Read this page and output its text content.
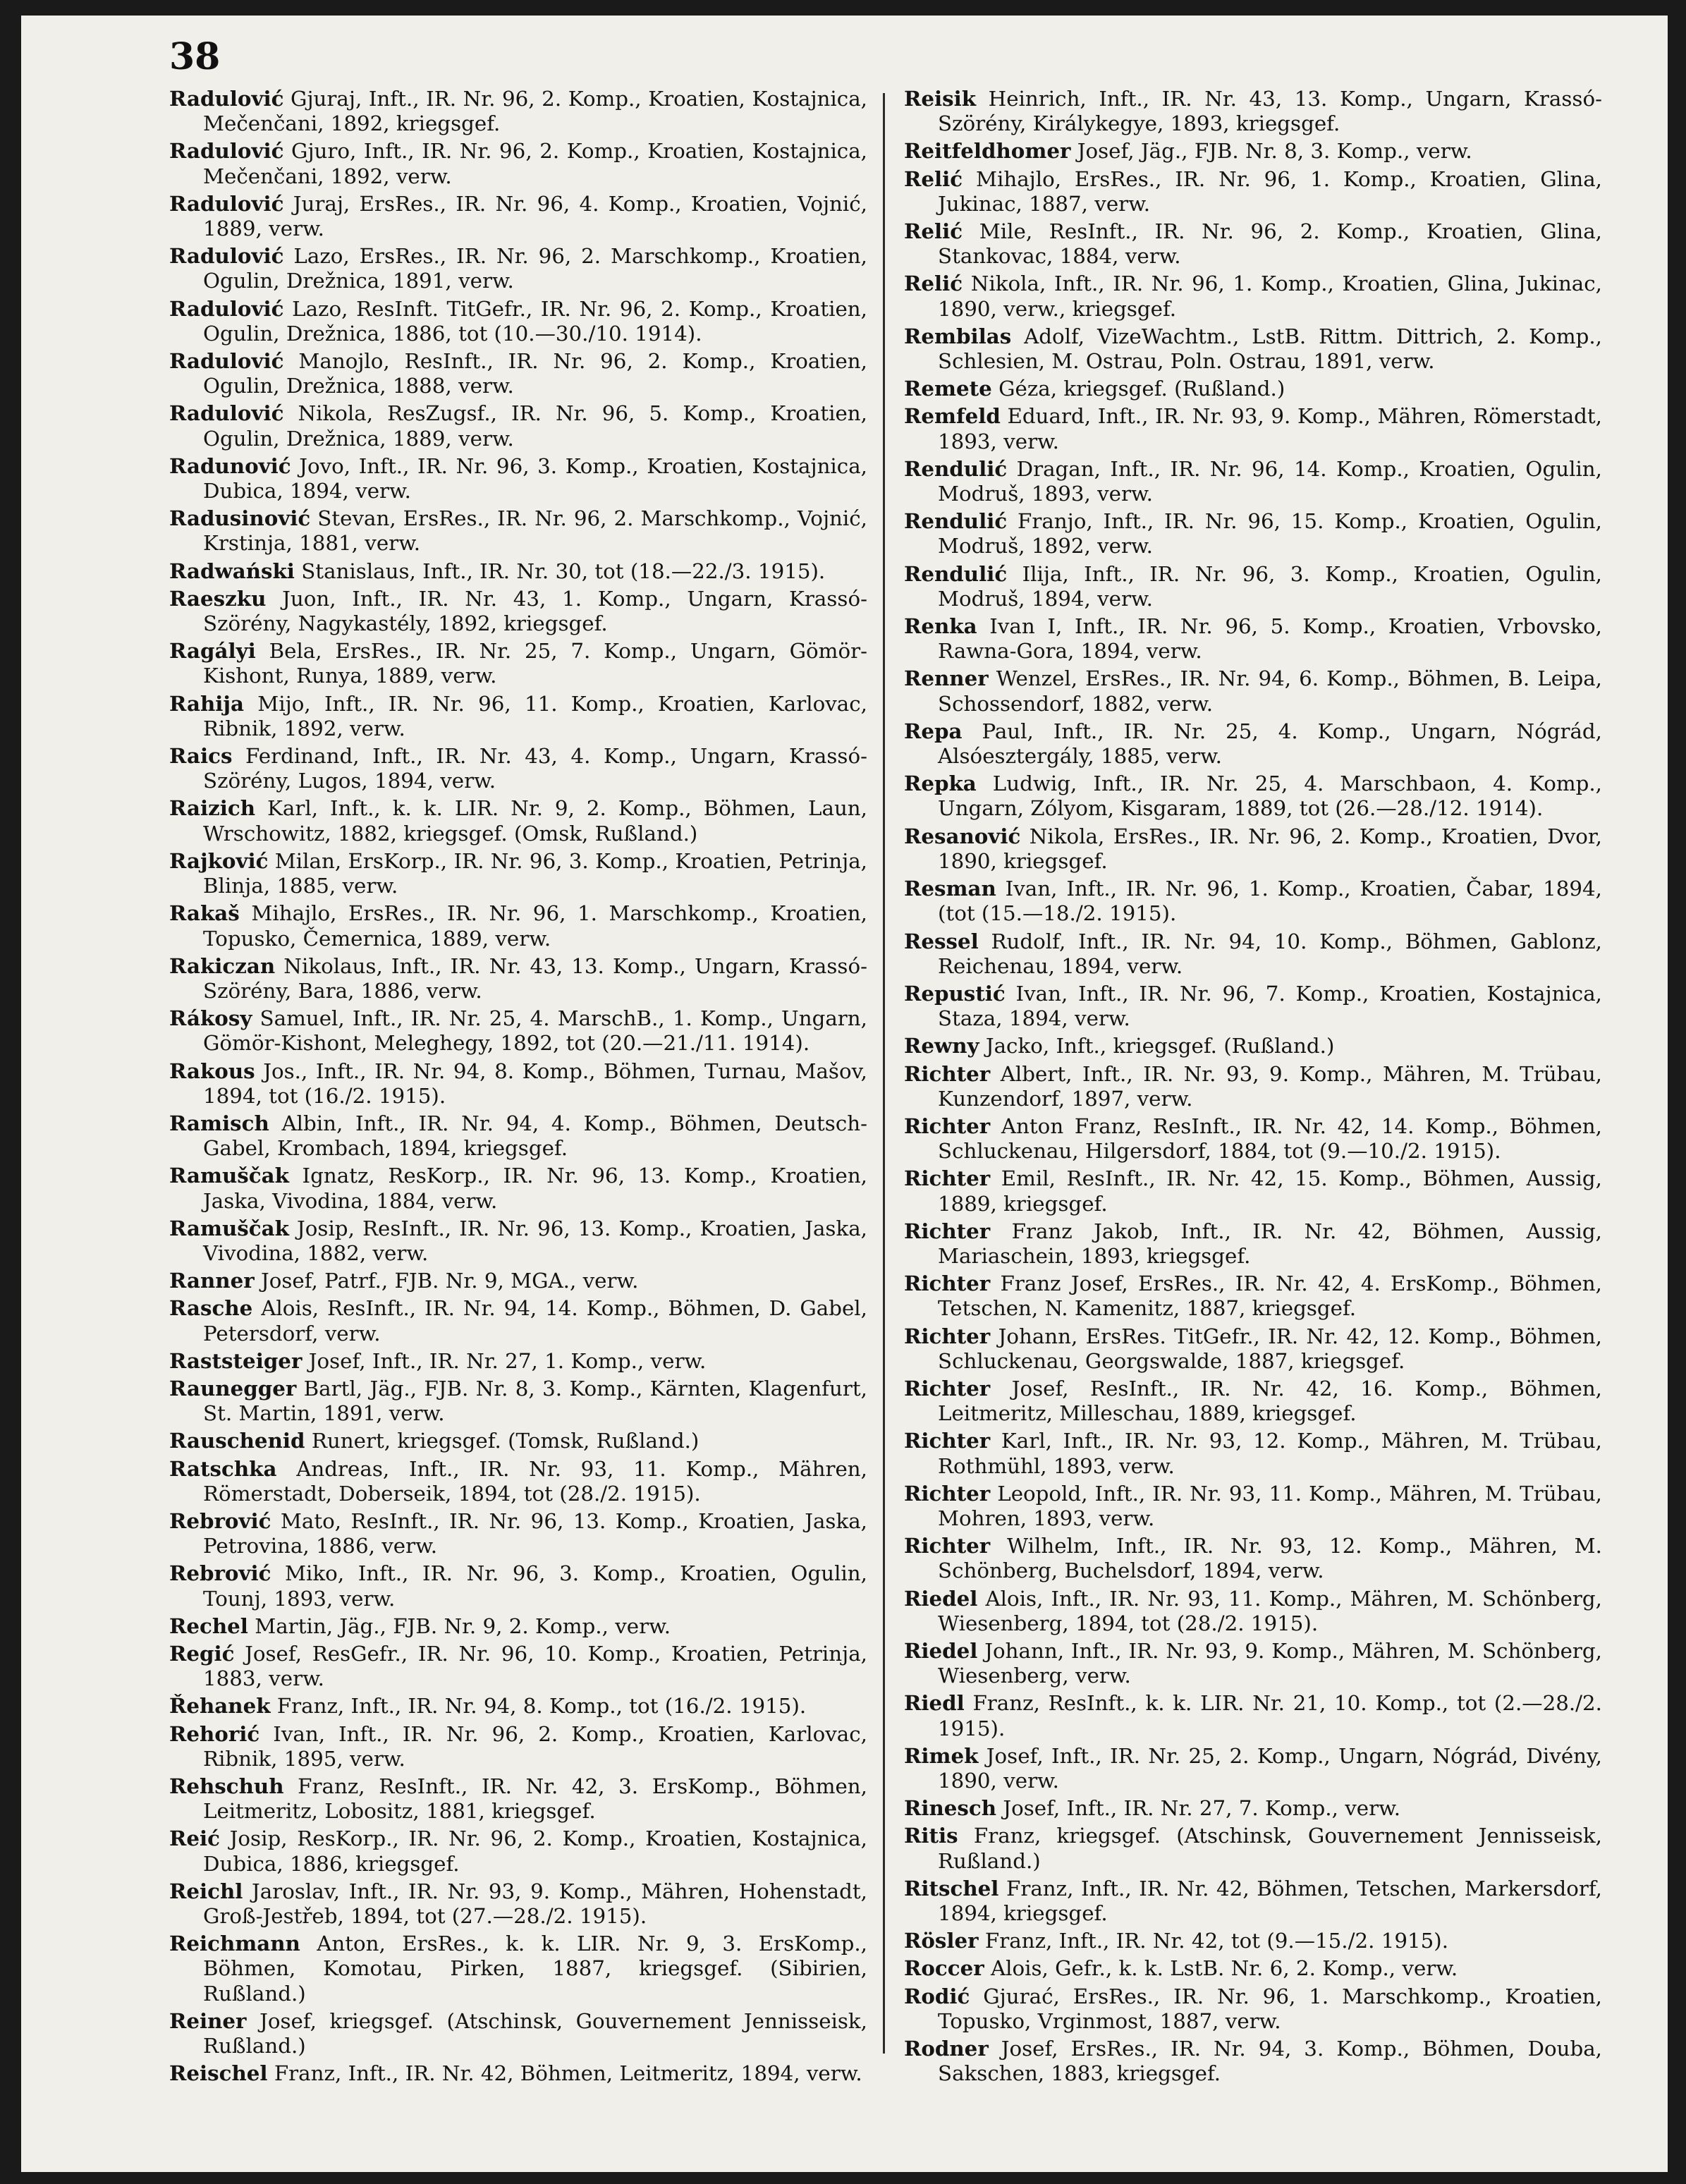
38

Radulović Gjuraj, Inft., IR. Nr. 96, 2. Komp., Kroatien, Kostajnica, Mečenčani, 1892, kriegsgef.

Radulović Gjuro, Inft., IR. Nr. 96, 2. Komp., Kroatien, Kostajnica, Mečenčani, 1892, verw.

Radulović Juraj, ErsRes., IR. Nr. 96, 4. Komp., Kroatien, Vojnić, 1889, verw.

Radulović Lazo, ErsRes., IR. Nr. 96, 2. Marschkomp., Kroatien, Ogulin, Drežnica, 1891, verw.

Radulović Lazo, ResInft. TitGefr., IR. Nr. 96, 2. Komp., Kroatien, Ogulin, Drežnica, 1886, tot (10.—30./10. 1914).

Radulović Manojlo, ResInft., IR. Nr. 96, 2. Komp., Kroatien, Ogulin, Drežnica, 1888, verw.

Radulović Nikola, ResZugsf., IR. Nr. 96, 5. Komp., Kroatien, Ogulin, Drežnica, 1889, verw.

Radunović Jovo, Inft., IR. Nr. 96, 3. Komp., Kroatien, Kostajnica, Dubica, 1894, verw.

Radusinović Stevan, ErsRes., IR. Nr. 96, 2. Marschkomp., Vojnić, Krstinja, 1881, verw.

Radwański Stanislaus, Inft., IR. Nr. 30, tot (18.—22./3. 1915).

Raeszku Juon, Inft., IR. Nr. 43, 1. Komp., Ungarn, Krassó-Szörény, Nagykastély, 1892, kriegsgef.

Ragályi Bela, ErsRes., IR. Nr. 25, 7. Komp., Ungarn, Gömör-Kishont, Runya, 1889, verw.

Rahija Mijo, Inft., IR. Nr. 96, 11. Komp., Kroatien, Karlovac, Ribnik, 1892, verw.

Raics Ferdinand, Inft., IR. Nr. 43, 4. Komp., Ungarn, Krassó-Szörény, Lugos, 1894, verw.

Raizich Karl, Inft., k. k. LIR. Nr. 9, 2. Komp., Böhmen, Laun, Wrschowitz, 1882, kriegsgef. (Omsk, Rußland.)

Rajković Milan, ErsKorp., IR. Nr. 96, 3. Komp., Kroatien, Petrinja, Blinja, 1885, verw.

Rakaš Mihajlo, ErsRes., IR. Nr. 96, 1. Marschkomp., Kroatien, Topusko, Čemernica, 1889, verw.

Rakiczan Nikolaus, Inft., IR. Nr. 43, 13. Komp., Ungarn, Krassó-Szörény, Bara, 1886, verw.

Rákosy Samuel, Inft., IR. Nr. 25, 4. MarschB., 1. Komp., Ungarn, Gömör-Kishont, Meleghegy, 1892, tot (20.—21./11. 1914).

Rakous Jos., Inft., IR. Nr. 94, 8. Komp., Böhmen, Turnau, Mašov, 1894, tot (16./2. 1915).

Ramisch Albin, Inft., IR. Nr. 94, 4. Komp., Böhmen, Deutsch-Gabel, Krombach, 1894, kriegsgef.

Ramuščak Ignatz, ResKorp., IR. Nr. 96, 13. Komp., Kroatien, Jaska, Vivodina, 1884, verw.

Ramuščak Josip, ResInft., IR. Nr. 96, 13. Komp., Kroatien, Jaska, Vivodina, 1882, verw.

Ranner Josef, Patrf., FJB. Nr. 9, MGA., verw.

Rasche Alois, ResInft., IR. Nr. 94, 14. Komp., Böhmen, D. Gabel, Petersdorf, verw.

Raststeiger Josef, Inft., IR. Nr. 27, 1. Komp., verw.

Raunegger Bartl, Jäg., FJB. Nr. 8, 3. Komp., Kärnten, Klagenfurt, St. Martin, 1891, verw.

Rauschenid Runert, kriegsgef. (Tomsk, Rußland.)

Ratschka Andreas, Inft., IR. Nr. 93, 11. Komp., Mähren, Römerstadt, Doberseik, 1894, tot (28./2. 1915).

Rebrović Mato, ResInft., IR. Nr. 96, 13. Komp., Kroatien, Jaska, Petrovina, 1886, verw.

Rebrović Miko, Inft., IR. Nr. 96, 3. Komp., Kroatien, Ogulin, Tounj, 1893, verw.

Rechel Martin, Jäg., FJB. Nr. 9, 2. Komp., verw.

Regić Josef, ResGefr., IR. Nr. 96, 10. Komp., Kroatien, Petrinja, 1883, verw.

Řehanek Franz, Inft., IR. Nr. 94, 8. Komp., tot (16./2. 1915).

Rehorić Ivan, Inft., IR. Nr. 96, 2. Komp., Kroatien, Karlovac, Ribnik, 1895, verw.

Rehschuh Franz, ResInft., IR. Nr. 42, 3. ErsKomp., Böhmen, Leitmeritz, Lobositz, 1881, kriegsgef.

Reić Josip, ResKorp., IR. Nr. 96, 2. Komp., Kroatien, Kostajnica, Dubica, 1886, kriegsgef.

Reichl Jaroslav, Inft., IR. Nr. 93, 9. Komp., Mähren, Hohenstadt, Groß-Jestřeb, 1894, tot (27.—28./2. 1915).

Reichmann Anton, ErsRes., k. k. LIR. Nr. 9, 3. ErsKomp., Böhmen, Komotau, Pirken, 1887, kriegsgef. (Sibirien, Rußland.)

Reiner Josef, kriegsgef. (Atschinsk, Gouvernement Jennisseisk, Rußland.)

Reischel Franz, Inft., IR. Nr. 42, Böhmen, Leitmeritz, 1894, verw.

Reisik Heinrich, Inft., IR. Nr. 43, 13. Komp., Ungarn, Krassó-Szörény, Királykegye, 1893, kriegsgef.

Reitfeldhomer Josef, Jäg., FJB. Nr. 8, 3. Komp., verw.

Relić Mihajlo, ErsRes., IR. Nr. 96, 1. Komp., Kroatien, Glina, Jukinac, 1887, verw.

Relić Mile, ResInft., IR. Nr. 96, 2. Komp., Kroatien, Glina, Stankovac, 1884, verw.

Relić Nikola, Inft., IR. Nr. 96, 1. Komp., Kroatien, Glina, Jukinac, 1890, verw., kriegsgef.

Rembilas Adolf, VizeWachtm., LstB. Rittm. Dittrich, 2. Komp., Schlesien, M. Ostrau, Poln. Ostrau, 1891, verw.

Remete Géza, kriegsgef. (Rußland.)

Remfeld Eduard, Inft., IR. Nr. 93, 9. Komp., Mähren, Römerstadt, 1893, verw.

Rendulić Dragan, Inft., IR. Nr. 96, 14. Komp., Kroatien, Ogulin, Modruš, 1893, verw.

Rendulić Franjo, Inft., IR. Nr. 96, 15. Komp., Kroatien, Ogulin, Modruš, 1892, verw.

Rendulić Ilija, Inft., IR. Nr. 96, 3. Komp., Kroatien, Ogulin, Modruš, 1894, verw.

Renka Ivan I, Inft., IR. Nr. 96, 5. Komp., Kroatien, Vrbovsko, Rawna-Gora, 1894, verw.

Renner Wenzel, ErsRes., IR. Nr. 94, 6. Komp., Böhmen, B. Leipa, Schossendorf, 1882, verw.

Repa Paul, Inft., IR. Nr. 25, 4. Komp., Ungarn, Nógrád, Alsóesztergály, 1885, verw.

Repka Ludwig, Inft., IR. Nr. 25, 4. Marschbaon, 4. Komp., Ungarn, Zólyom, Kisgaram, 1889, tot (26.—28./12. 1914).

Resanović Nikola, ErsRes., IR. Nr. 96, 2. Komp., Kroatien, Dvor, 1890, kriegsgef.

Resman Ivan, Inft., IR. Nr. 96, 1. Komp., Kroatien, Čabar, 1894, (tot (15.—18./2. 1915).

Ressel Rudolf, Inft., IR. Nr. 94, 10. Komp., Böhmen, Gablonz, Reichenau, 1894, verw.

Repustić Ivan, Inft., IR. Nr. 96, 7. Komp., Kroatien, Kostajnica, Staza, 1894, verw.

Rewny Jacko, Inft., kriegsgef. (Rußland.)

Richter Albert, Inft., IR. Nr. 93, 9. Komp., Mähren, M. Trübau, Kunzendorf, 1897, verw.

Richter Anton Franz, ResInft., IR. Nr. 42, 14. Komp., Böhmen, Schluckenau, Hilgersdorf, 1884, tot (9.—10./2. 1915).

Richter Emil, ResInft., IR. Nr. 42, 15. Komp., Böhmen, Aussig, 1889, kriegsgef.

Richter Franz Jakob, Inft., IR. Nr. 42, Böhmen, Aussig, Mariaschein, 1893, kriegsgef.

Richter Franz Josef, ErsRes., IR. Nr. 42, 4. ErsKomp., Böhmen, Tetschen, N. Kamenitz, 1887, kriegsgef.

Richter Johann, ErsRes. TitGefr., IR. Nr. 42, 12. Komp., Böhmen, Schluckenau, Georgswalde, 1887, kriegsgef.

Richter Josef, ResInft., IR. Nr. 42, 16. Komp., Böhmen, Leitmeritz, Milleschau, 1889, kriegsgef.

Richter Karl, Inft., IR. Nr. 93, 12. Komp., Mähren, M. Trübau, Rothmühl, 1893, verw.

Richter Leopold, Inft., IR. Nr. 93, 11. Komp., Mähren, M. Trübau, Mohren, 1893, verw.

Richter Wilhelm, Inft., IR. Nr. 93, 12. Komp., Mähren, M. Schönberg, Buchelsdorf, 1894, verw.

Riedel Alois, Inft., IR. Nr. 93, 11. Komp., Mähren, M. Schönberg, Wiesenberg, 1894, tot (28./2. 1915).

Riedel Johann, Inft., IR. Nr. 93, 9. Komp., Mähren, M. Schönberg, Wiesenberg, verw.

Riedl Franz, ResInft., k. k. LIR. Nr. 21, 10. Komp., tot (2.—28./2. 1915).

Rimek Josef, Inft., IR. Nr. 25, 2. Komp., Ungarn, Nógrád, Divény, 1890, verw.

Rinesch Josef, Inft., IR. Nr. 27, 7. Komp., verw.

Ritis Franz, kriegsgef. (Atschinsk, Gouvernement Jennisseisk, Rußland.)

Ritschel Franz, Inft., IR. Nr. 42, Böhmen, Tetschen, Markersdorf, 1894, kriegsgef.

Rösler Franz, Inft., IR. Nr. 42, tot (9.—15./2. 1915).

Roccer Alois, Gefr., k. k. LstB. Nr. 6, 2. Komp., verw.

Rodić Gjurać, ErsRes., IR. Nr. 96, 1. Marschkomp., Kroatien, Topusko, Vrginmost, 1887, verw.

Rodner Josef, ErsRes., IR. Nr. 94, 3. Komp., Böhmen, Douba, Sakschen, 1883, kriegsgef.
